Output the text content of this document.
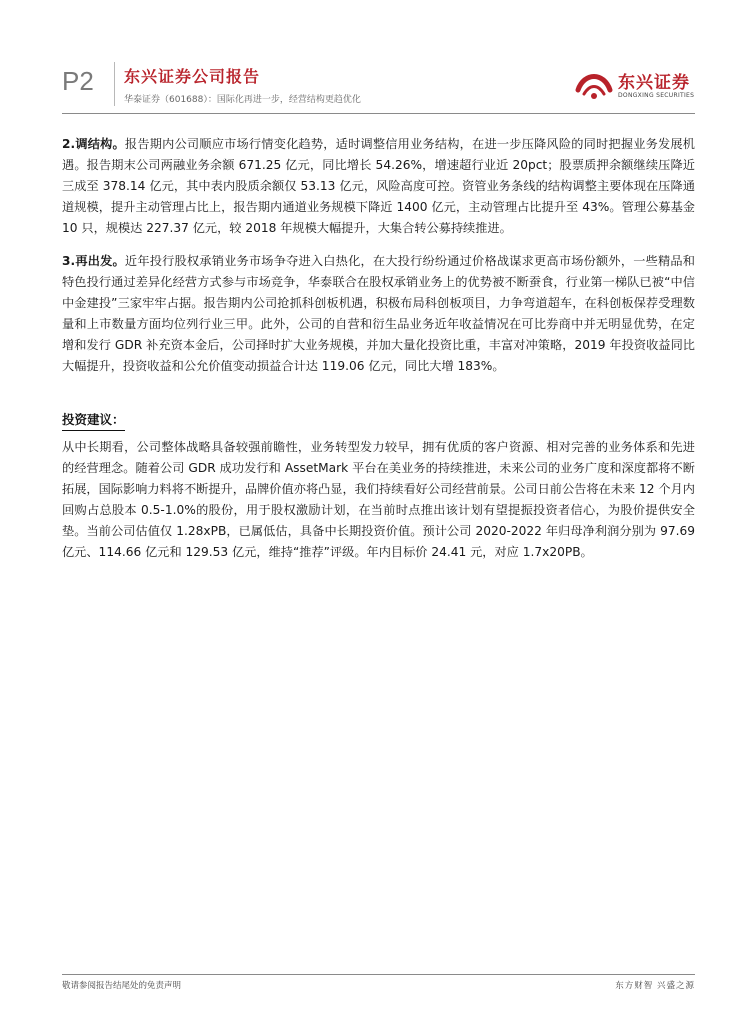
P2	东兴证券公司报告
华泰证券（601688）：国际化再进一步，经营结构更趋优化
东兴证券
DONGXING SECURITIES

2.调结构。报告期内公司顺应市场行情变化趋势，适时调整信用业务结构，在进一步压降风险的同时把握业务发展机遇。报告期末公司两融业务余额 671.25 亿元，同比增长 54.26%，增速超行业近 20pct；股票质押余额继续压降近三成至 378.14 亿元，其中表内股质余额仅 53.13 亿元，风险高度可控。资管业务条线的结构调整主要体现在压降通道规模，提升主动管理占比上，报告期内通道业务规模下降近 1400 亿元，主动管理占比提升至 43%。管理公募基金 10 只，规模达 227.37 亿元，较 2018 年规模大幅提升，大集合转公募持续推进。

3.再出发。近年投行股权承销业务市场争夺进入白热化，在大投行纷纷通过价格战谋求更高市场份额外，一些精品和特色投行通过差异化经营方式参与市场竞争，华泰联合在股权承销业务上的优势被不断蚕食，行业第一梯队已被“中信中金建投”三家牢牢占据。报告期内公司抢抓科创板机遇，积极布局科创板项目，力争弯道超车，在科创板保荐受理数量和上市数量方面均位列行业三甲。此外，公司的自营和衍生品业务近年收益情况在可比券商中并无明显优势，在定增和发行 GDR 补充资本金后，公司择时扩大业务规模，并加大量化投资比重，丰富对冲策略，2019 年投资收益同比大幅提升，投资收益和公允价值变动损益合计达 119.06 亿元，同比大增 183%。

投资建议：

从中长期看，公司整体战略具备较强前瞻性，业务转型发力较早，拥有优质的客户资源、相对完善的业务体系和先进的经营理念。随着公司 GDR 成功发行和 AssetMark 平台在美业务的持续推进，未来公司的业务广度和深度都将不断拓展，国际影响力料将不断提升，品牌价值亦将凸显，我们持续看好公司经营前景。公司日前公告将在未来 12 个月内回购占总股本 0.5-1.0%的股份，用于股权激励计划，在当前时点推出该计划有望提振投资者信心，为股价提供安全垫。当前公司估值仅 1.28xPB，已属低估，具备中长期投资价值。预计公司 2020-2022 年归母净利润分别为 97.69 亿元、114.66 亿元和 129.53 亿元，维持“推荐”评级。年内目标价 24.41 元，对应 1.7x20PB。

敬请参阅报告结尾处的免责声明	东方财智 兴盛之源
